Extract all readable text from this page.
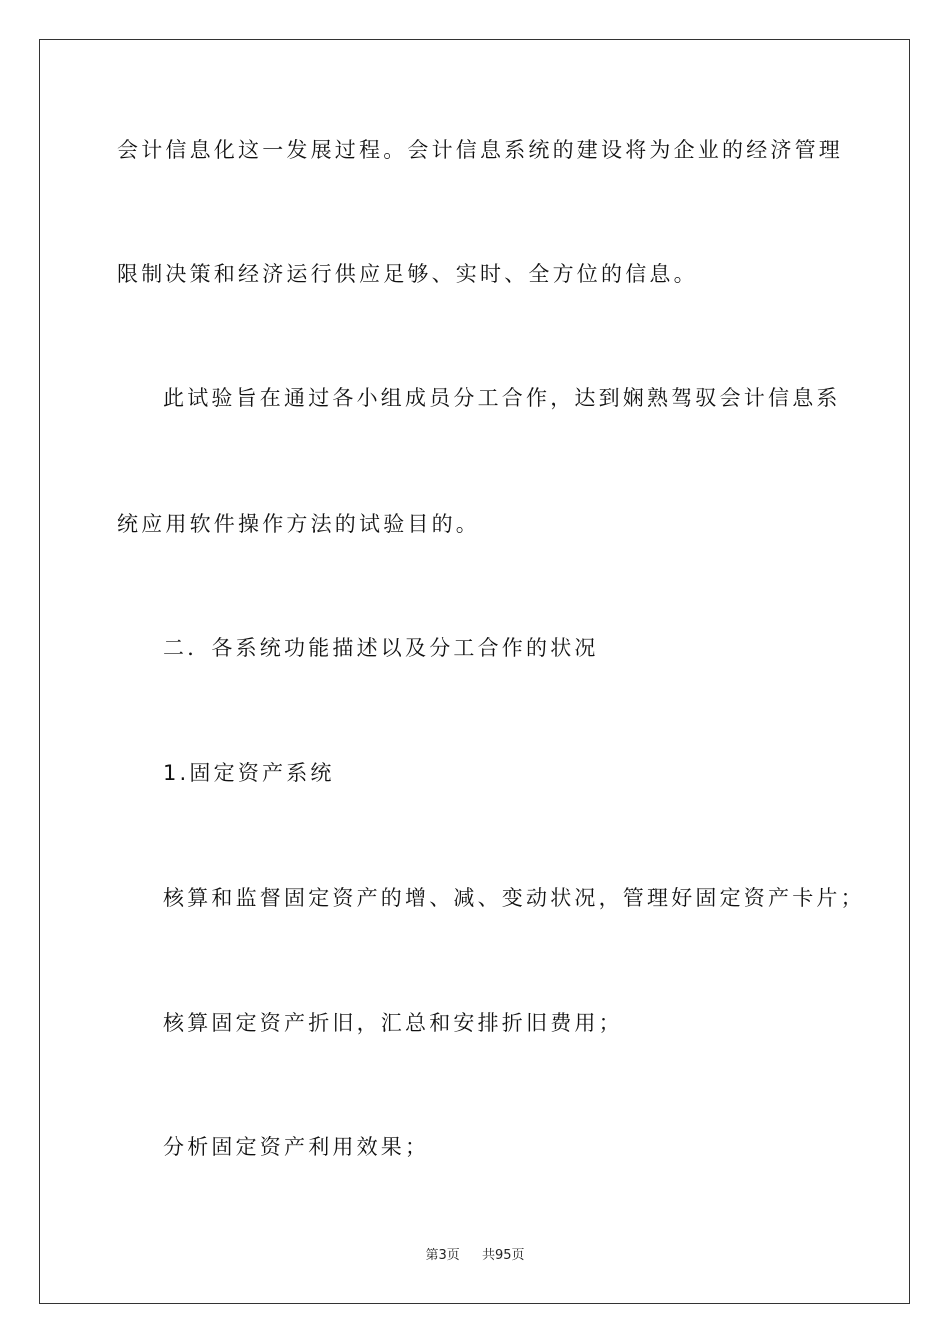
会计信息化这一发展过程。会计信息系统的建设将为企业的经济管理
限制决策和经济运行供应足够、实时、全方位的信息。
此试验旨在通过各小组成员分工合作，达到娴熟驾驭会计信息系
统应用软件操作方法的试验目的。
二．各系统功能描述以及分工合作的状况
1.固定资产系统
核算和监督固定资产的增、减、变动状况，管理好固定资产卡片；
核算固定资产折旧，汇总和安排折旧费用；
分析固定资产利用效果；
第3页 共95页
